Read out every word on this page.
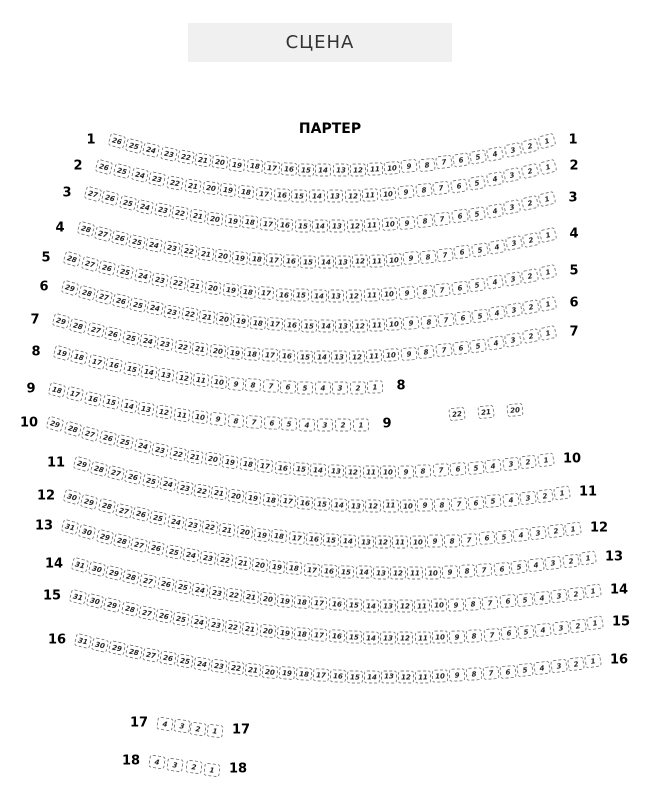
СЦЕНА
ПАРТЕР
26 25 24 23 22 21 20 19 18 17 16	15	14	13	12	11 10	9	8	7	6	5	4	3	2	1
1	1
26 25 24 23 22 21 20	19	18	17	16	15	14	13	12	11	10	9	8	7	6	5	4	3	2
1
2	2
27 26 25 24 23 22 21 20 19 18	17	16	15	14	13	12	11	10	9	8	7	6	5	4	3	2	1
3	3
28 27 26 25 24 23 22 21 20 19 18 17 16	15	14	13	12	11 10	9	8	7	6	5	4	3	2	1
4	4
28 27 26 25 24 23 22 21 20 19	18	17	16	15	14	13	12	11	10	9	8	7	6	5	4	3	2	1
5
5
29 28 27 26 25 24 23 22 21 20 19 18 17 16	15	14	13	12	11 10	9	8	7	6	5	4	3	2	1
6
6
29 28 27 26 25 24 23 22 21 20 19	18	17	16	15	14	13	12	11	10	9	8	7	6	5	4	3	2	1
7
7
19 18 17 16 15 14 13 12 11 10	9	8	7	6	5	4	3	2	1
8
8
18 17 16 15 14 13 12	11	10	9	8	7	6	5	4	3	2	1
9
9
29 28 27 26 25 24 23 22 21 20 19 18 17	16	15	14	13	12	11	10	9	8	7	6	5	4	3	2	1
10
10
29 28 27 26 25 24 23 22 21 20 19 18 17 16 15 14	13	12	11	10	9	8	7	6	5	4	3	2	1
11
11
30 29 28 27 26 25 24 23 22 21 20 19 18 17 16	15	14	13	12	11	10	9	8	7	6	5	4	3	2	1
12
12
31 30 29 28 27 26 25 24 23 22 21 20 19 18 17	16	15	14	13	12	11	10	9	8	7	6	5	4	3	2	1
13
13
31 30 29 28 27 26 25 24 23 22 21 20 19 18 17 16	15	14	13	12	11	10	9	8	7	6	5	4	3	2	1
14
14
31 30 29 28 27 26 25 24 23 22 21 20 19 18 17	16	15	14	13	12	11	10	9	8	7	6	5	4	3	2	1
15
15
31 30 29 28 27 26 25 24 23 22 21 20 19 18 17 16 15	14	13	12	11	10	9	8	7	6	5	4	3	2	1
16
16
4	3	2	1
17	17
4	3	2	1
18	18
22	21	20
